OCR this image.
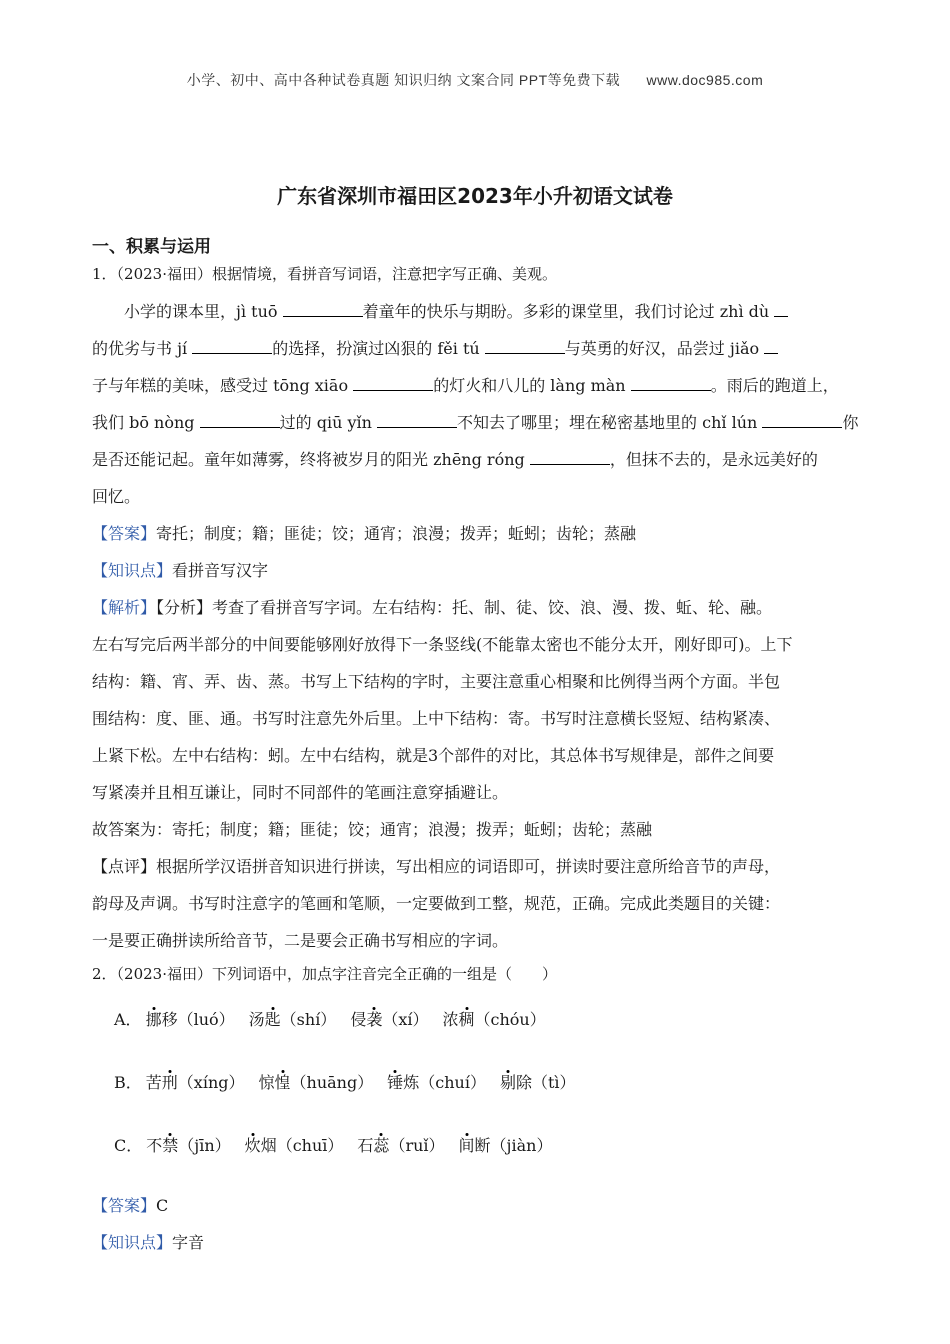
小学、初中、高中各种试卷真题 知识归纳 文案合同 PPT等免费下载 www.doc985.com
广东省深圳市福田区2023年小升初语文试卷
一、积累与运用
1．（2023·福田）根据情境，看拼音写词语，注意把字写正确、美观。
小学的课本里，jì tuō	着童年的快乐与期盼。多彩的课堂里，我们讨论过 zhì dù
的优劣与书 jí	的选择，扮演过凶狠的 fěi tú	与英勇的好汉，品尝过 jiǎo
子与年糕的美味，感受过 tōng xiāo	的灯火和八儿的 làng màn	。雨后的跑道上，
我们 bō nòng	过的 qiū yǐn	不知去了哪里；埋在秘密基地里的 chǐ lún	你
是否还能记起。童年如薄雾，终将被岁月的阳光 zhēng róng	，但抹不去的，是永远美好的
回忆。
【答案】寄托；制度；籍；匪徒；饺；通宵；浪漫；拨弄；蚯蚓；齿轮；蒸融
【知识点】看拼音写汉字
【解析】【分析】考查了看拼音写字词。左右结构：托、制、徒、饺、浪、漫、拨、蚯、轮、融。
左右写完后两半部分的中间要能够刚好放得下一条竖线(不能靠太密也不能分太开，刚好即可)。上下
结构：籍、宵、弄、齿、蒸。书写上下结构的字时，主要注意重心相聚和比例得当两个方面。半包
围结构：度、匪、通。书写时注意先外后里。上中下结构：寄。书写时注意横长竖短、结构紧凑、
上紧下松。左中右结构：蚓。左中右结构，就是3个部件的对比，其总体书写规律是，部件之间要
写紧凑并且相互谦让，同时不同部件的笔画注意穿插避让。
故答案为：寄托；制度；籍；匪徒；饺；通宵；浪漫；拨弄；蚯蚓；齿轮；蒸融
【点评】根据所学汉语拼音知识进行拼读，写出相应的词语即可，拼读时要注意所给音节的声母，
韵母及声调。书写时注意字的笔画和笔顺，一定要做到工整，规范，正确。完成此类题目的关键：
一是要正确拼读所给音节，二是要会正确书写相应的字词。
2．（2023·福田）下列词语中，加点字注音完全正确的一组是（　　）
A． 挪移（luó） 汤匙（shí） 侵袭（xí） 浓稠（chóu）
B． 苦刑（xíng） 惊惶（huāng） 锤炼（chuí） 剔除（tì）
C． 不禁（jīn） 炊烟（chuī） 石蕊（ruǐ） 间断（jiàn）
【答案】C
【知识点】字音
